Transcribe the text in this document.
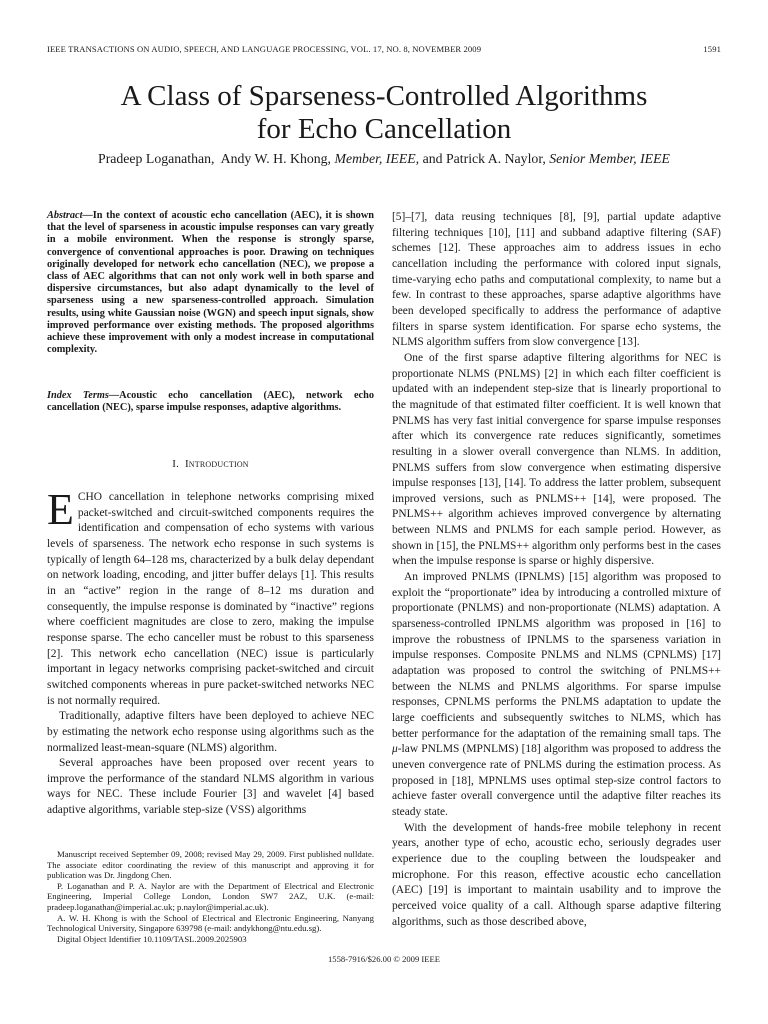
IEEE TRANSACTIONS ON AUDIO, SPEECH, AND LANGUAGE PROCESSING, VOL. 17, NO. 8, NOVEMBER 2009	1591
A Class of Sparseness-Controlled Algorithms
for Echo Cancellation
Pradeep Loganathan, Andy W. H. Khong, Member, IEEE, and Patrick A. Naylor, Senior Member, IEEE
Abstract—In the context of acoustic echo cancellation (AEC), it is shown that the level of sparseness in acoustic impulse responses can vary greatly in a mobile environment. When the response is strongly sparse, convergence of conventional approaches is poor. Drawing on techniques originally developed for network echo cancellation (NEC), we propose a class of AEC algorithms that can not only work well in both sparse and dispersive circumstances, but also adapt dynamically to the level of sparseness using a new sparseness-controlled approach. Simulation results, using white Gaussian noise (WGN) and speech input signals, show improved performance over existing methods. The proposed algorithms achieve these improvement with only a modest increase in computational complexity.
Index Terms—Acoustic echo cancellation (AEC), network echo cancellation (NEC), sparse impulse responses, adaptive algorithms.
I. Introduction

ECHO cancellation in telephone networks comprising mixed packet-switched and circuit-switched components requires the identification and compensation of echo systems with various levels of sparseness. The network echo response in such systems is typically of length 64–128 ms, characterized by a bulk delay dependant on network loading, encoding, and jitter buffer delays [1]. This results in an “active” region in the range of 8–12 ms duration and consequently, the impulse response is dominated by “inactive” regions where coefficient magnitudes are close to zero, making the impulse response sparse. The echo canceller must be robust to this sparseness [2]. This network echo cancellation (NEC) issue is particularly important in legacy networks comprising packet-switched and circuit switched components whereas in pure packet-switched networks NEC is not normally required.

Traditionally, adaptive filters have been deployed to achieve NEC by estimating the network echo response using algorithms such as the normalized least-mean-square (NLMS) algorithm.

Several approaches have been proposed over recent years to improve the performance of the standard NLMS algorithm in various ways for NEC. These include Fourier [3] and wavelet [4] based adaptive algorithms, variable step-size (VSS) algorithms

[5]–[7], data reusing techniques [8], [9], partial update adaptive filtering techniques [10], [11] and subband adaptive filtering (SAF) schemes [12]. These approaches aim to address issues in echo cancellation including the performance with colored input signals, time-varying echo paths and computational complexity, to name but a few. In contrast to these approaches, sparse adaptive algorithms have been developed specifically to address the performance of adaptive filters in sparse system identification. For sparse echo systems, the NLMS algorithm suffers from slow convergence [13].

One of the first sparse adaptive filtering algorithms for NEC is proportionate NLMS (PNLMS) [2] in which each filter coefficient is updated with an independent step-size that is linearly proportional to the magnitude of that estimated filter coefficient. It is well known that PNLMS has very fast initial convergence for sparse impulse responses after which its convergence rate reduces significantly, sometimes resulting in a slower overall convergence than NLMS. In addition, PNLMS suffers from slow convergence when estimating dispersive impulse responses [13], [14]. To address the latter problem, subsequent improved versions, such as PNLMS++ [14], were proposed. The PNLMS++ algorithm achieves improved convergence by alternating between NLMS and PNLMS for each sample period. However, as shown in [15], the PNLMS++ algorithm only performs best in the cases when the impulse response is sparse or highly dispersive.

An improved PNLMS (IPNLMS) [15] algorithm was proposed to exploit the “proportionate” idea by introducing a controlled mixture of proportionate (PNLMS) and non-proportionate (NLMS) adaptation. A sparseness-controlled IPNLMS algorithm was proposed in [16] to improve the robustness of IPNLMS to the sparseness variation in impulse responses. Composite PNLMS and NLMS (CPNLMS) [17] adaptation was proposed to control the switching of PNLMS++ between the NLMS and PNLMS algorithms. For sparse impulse responses, CPNLMS performs the PNLMS adaptation to update the large coefficients and subsequently switches to NLMS, which has better performance for the adaptation of the remaining small taps. The μ-law PNLMS (MPNLMS) [18] algorithm was proposed to address the uneven convergence rate of PNLMS during the estimation process. As proposed in [18], MPNLMS uses optimal step-size control factors to achieve faster overall convergence until the adaptive filter reaches its steady state.

With the development of hands-free mobile telephony in recent years, another type of echo, acoustic echo, seriously degrades user experience due to the coupling between the loudspeaker and microphone. For this reason, effective acoustic echo cancellation (AEC) [19] is important to maintain usability and to improve the perceived voice quality of a call. Although sparse adaptive filtering algorithms, such as those described above,

Manuscript received September 09, 2008; revised May 29, 2009. First published nulldate. The associate editor coordinating the review of this manuscript and approving it for publication was Dr. Jingdong Chen.

P. Loganathan and P. A. Naylor are with the Department of Electrical and Electronic Engineering, Imperial College London, London SW7 2AZ, U.K. (e-mail: pradeep.loganathan@imperial.ac.uk; p.naylor@imperial.ac.uk).

A. W. H. Khong is with the School of Electrical and Electronic Engineering, Nanyang Technological University, Singapore 639798 (e-mail: andykhong@ntu.edu.sg).

Digital Object Identifier 10.1109/TASL.2009.2025903

1558-7916/$26.00 © 2009 IEEE
